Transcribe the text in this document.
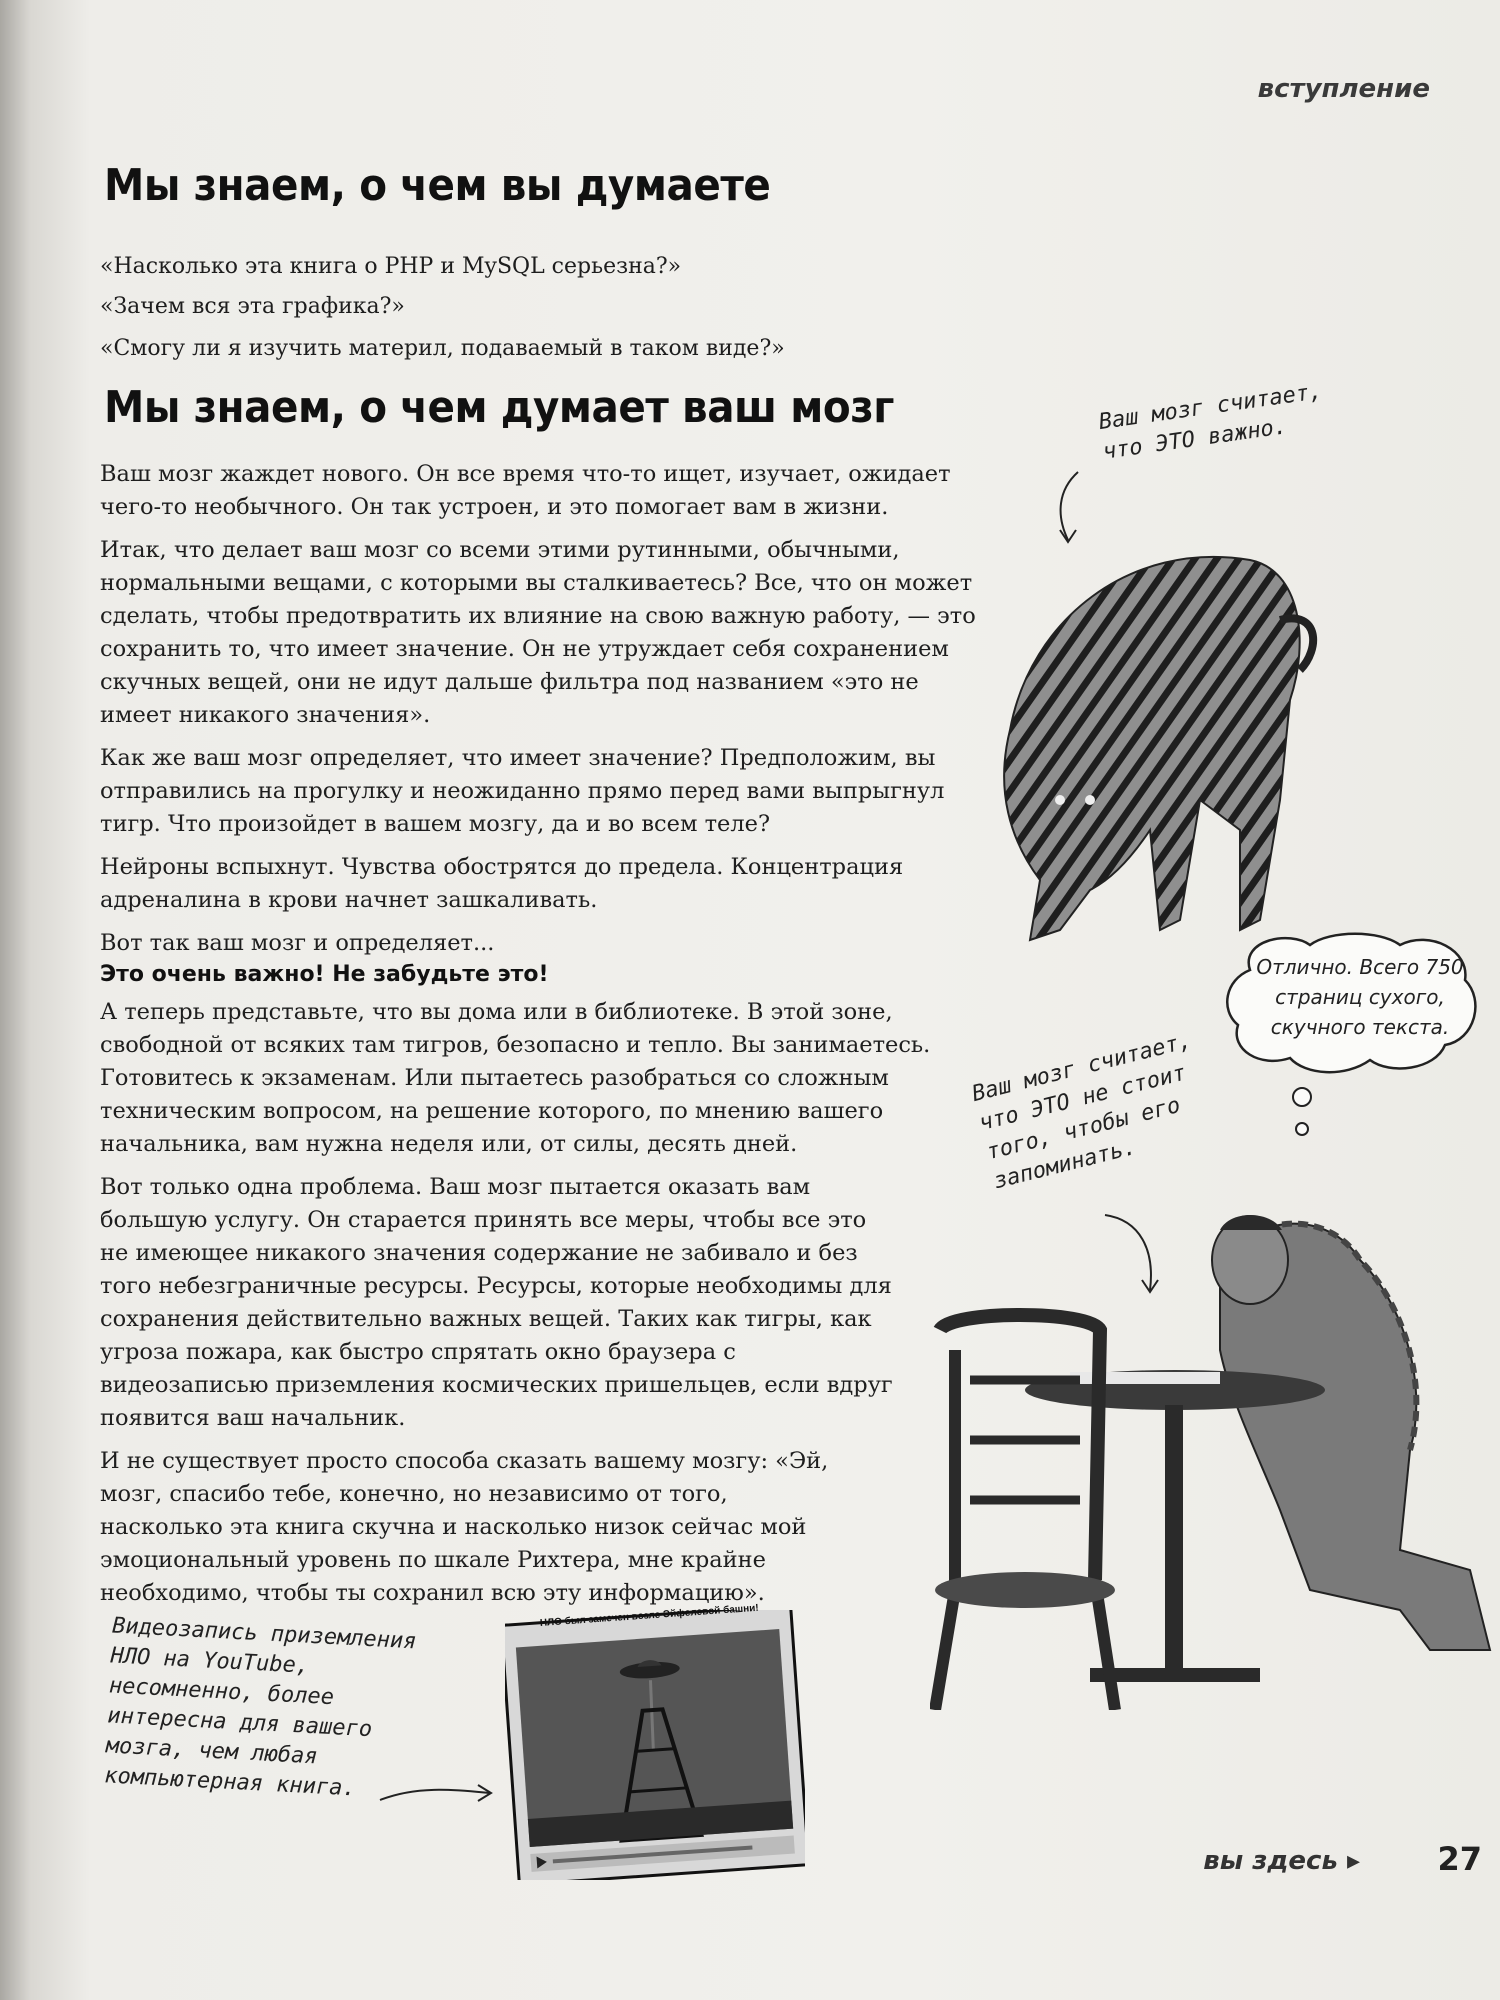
вступление
Мы знаем, о чем вы думаете
«Насколько эта книга о PHP и MySQL серьезна?»
«Зачем вся эта графика?»
«Смогу ли я изучить материл, подаваемый в таком виде?»
Мы знаем, о чем думает ваш мозг

Ваш мозг жаждет нового. Он все время что-то ищет, изучает, ожидает чего-то необычного. Он так устроен, и это помогает вам в жизни.

Итак, что делает ваш мозг со всеми этими рутинными, обычными, нормальными вещами, с которыми вы сталкиваетесь? Все, что он может сделать, чтобы предотвратить их влияние на свою важную работу, — это сохранить то, что имеет значение. Он не утруждает себя сохранением скучных вещей, они не идут дальше фильтра под названием «это не имеет никакого значения».

Как же ваш мозг определяет, что имеет значение? Предположим, вы отправились на прогулку и неожиданно прямо перед вами выпрыгнул тигр. Что произойдет в вашем мозгу, да и во всем теле?

Нейроны вспыхнут. Чувства обострятся до предела. Концентрация адреналина в крови начнет зашкаливать.

Вот так ваш мозг и определяет...

Это очень важно! Не забудьте это!

А теперь представьте, что вы дома или в библиотеке. В этой зоне, свободной от всяких там тигров, безопасно и тепло. Вы занимаетесь. Готовитесь к экзаменам. Или пытаетесь разобраться со сложным техническим вопросом, на решение которого, по мнению вашего начальника, вам нужна неделя или, от силы, десять дней.

Вот только одна проблема. Ваш мозг пытается оказать вам большую услугу. Он старается принять все меры, чтобы все это не имеющее никакого значения содержание не забивало и без того небезграничные ресурсы. Ресурсы, которые необходимы для сохранения действительно важных вещей. Таких как тигры, как угроза пожара, как быстро спрятать окно браузера с видеозаписью приземления космических пришельцев, если вдруг появится ваш начальник.

И не существует просто способа сказать вашему мозгу: «Эй, мозг, спасибо тебе, конечно, но независимо от того, насколько эта книга скучна и насколько низок сейчас мой эмоциональный уровень по шкале Рихтера, мне крайне необходимо, чтобы ты сохранил всю эту информацию».

Ваш мозг считает, что ЭТО важно.
Отлично. Всего 750 страниц сухого, скучного текста.
Ваш мозг считает, что ЭТО не стоит того, чтобы его запоминать.
Видеозапись приземления НЛО на YouTube, несомненно, более интересна для вашего мозга, чем любая компьютерная книга.
НЛО был замечен возле Эйфелевой башни!
вы здесь ▸ 27
